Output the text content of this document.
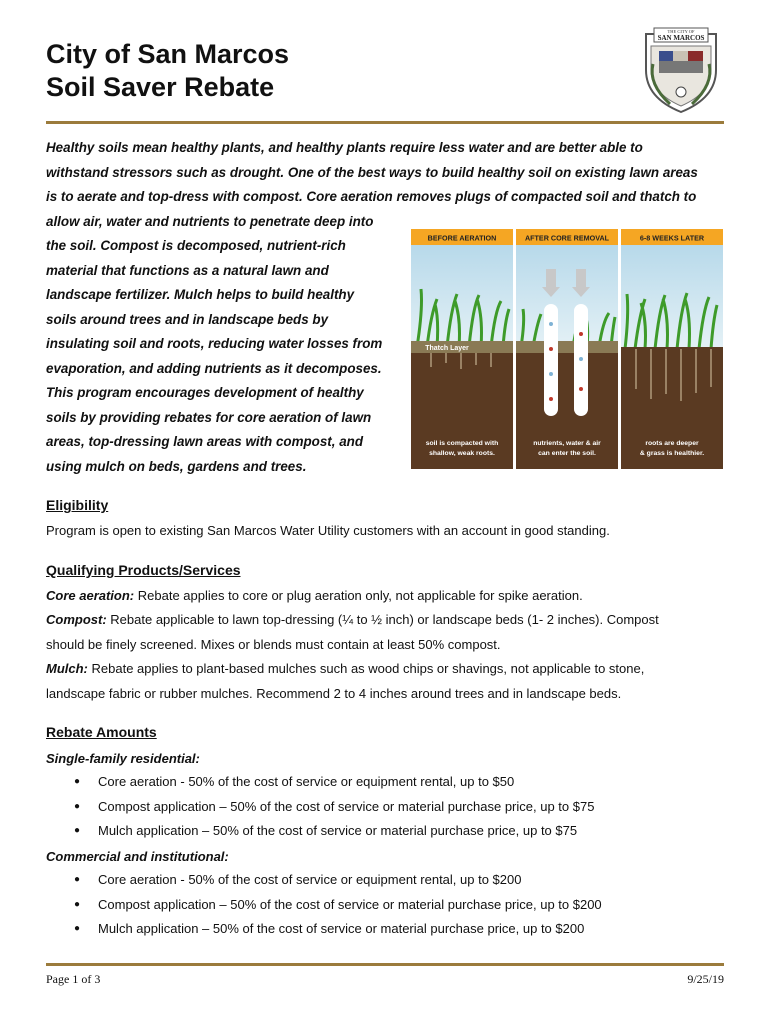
City of San Marcos
Soil Saver Rebate
THE CITY OF
SAN MARCOS
Healthy soils mean healthy plants, and healthy plants require less water and are better able to
withstand stressors such as drought. One of the best ways to build healthy soil on existing lawn areas
is to aerate and top-dress with compost. Core aeration removes plugs of compacted soil and thatch to
allow air, water and nutrients to penetrate deep into
the soil. Compost is decomposed, nutrient-rich
material that functions as a natural lawn and
landscape fertilizer. Mulch helps to build healthy
soils around trees and in landscape beds by
insulating soil and roots, reducing water losses from
evaporation, and adding nutrients as it decomposes.
This program encourages development of healthy
soils by providing rebates for core aeration of lawn
areas, top-dressing lawn areas with compost, and
using mulch on beds, gardens and trees.
BEFORE AERATION
Thatch Layer
soil is compacted with
shallow, weak roots.
AFTER CORE REMOVAL
nutrients, water & air
can enter the soil.
6-8 WEEKS LATER
roots are deeper
& grass is healthier.
Eligibility
Program is open to existing San Marcos Water Utility customers with an account in good standing.
Qualifying Products/Services
Core aeration: Rebate applies to core or plug aeration only, not applicable for spike aeration.
Compost: Rebate applicable to lawn top-dressing (¼ to ½ inch) or landscape beds (1- 2 inches). Compost
should be finely screened. Mixes or blends must contain at least 50% compost.
Mulch: Rebate applies to plant-based mulches such as wood chips or shavings, not applicable to stone,
landscape fabric or rubber mulches. Recommend 2 to 4 inches around trees and in landscape beds.
Rebate Amounts
Single-family residential:
● Core aeration - 50% of the cost of service or equipment rental, up to $50
● Compost application – 50% of the cost of service or material purchase price, up to $75
● Mulch application – 50% of the cost of service or material purchase price, up to $75
Commercial and institutional:
● Core aeration - 50% of the cost of service or equipment rental, up to $200
● Compost application – 50% of the cost of service or material purchase price, up to $200
● Mulch application – 50% of the cost of service or material purchase price, up to $200
Page 1 of 3	9/25/19
